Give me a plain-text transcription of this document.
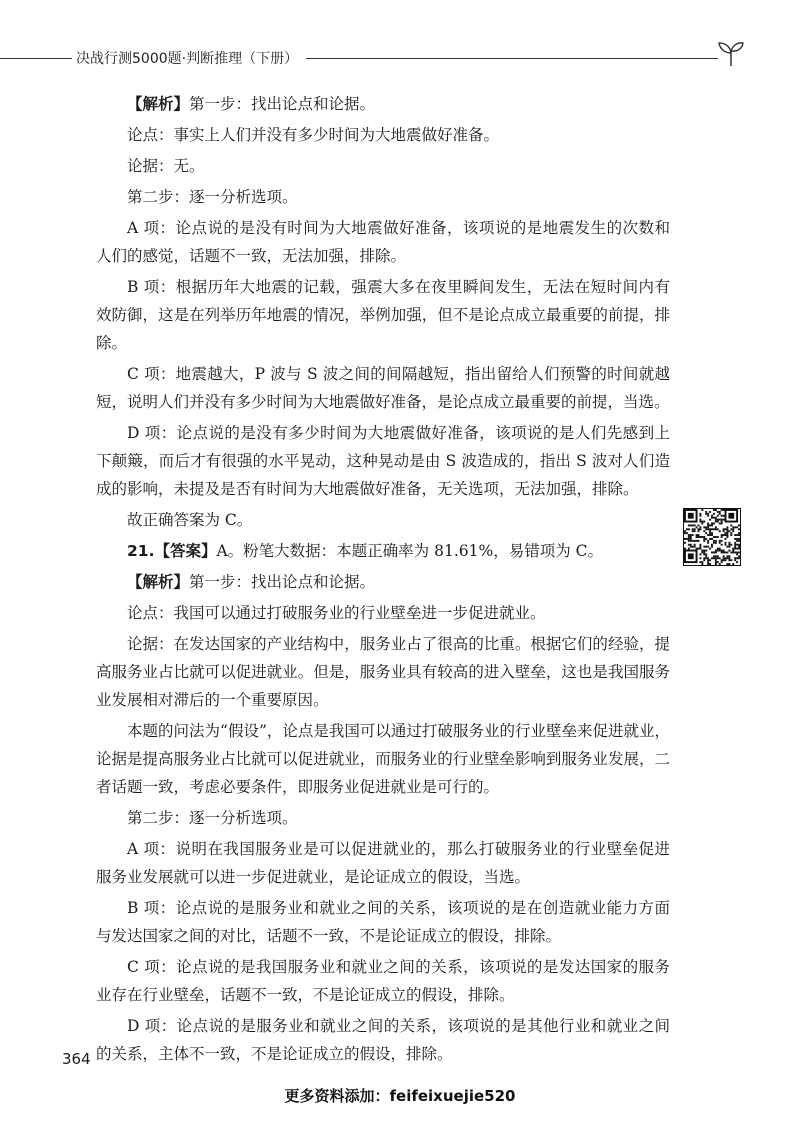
决战行测5000题·判断推理（下册）

【解析】第一步：找出论点和论据。

论点：事实上人们并没有多少时间为大地震做好准备。

论据：无。

第二步：逐一分析选项。

A 项：论点说的是没有时间为大地震做好准备，该项说的是地震发生的次数和人们的感觉，话题不一致，无法加强，排除。

B 项：根据历年大地震的记载，强震大多在夜里瞬间发生，无法在短时间内有效防御，这是在列举历年地震的情况，举例加强，但不是论点成立最重要的前提，排除。

C 项：地震越大，P 波与 S 波之间的间隔越短，指出留给人们预警的时间就越短，说明人们并没有多少时间为大地震做好准备，是论点成立最重要的前提，当选。

D 项：论点说的是没有多少时间为大地震做好准备，该项说的是人们先感到上下颠簸，而后才有很强的水平晃动，这种晃动是由 S 波造成的，指出 S 波对人们造成的影响，未提及是否有时间为大地震做好准备，无关选项，无法加强，排除。

故正确答案为 C。

21.【答案】A。粉笔大数据：本题正确率为 81.61%，易错项为 C。

【解析】第一步：找出论点和论据。

论点：我国可以通过打破服务业的行业壁垒进一步促进就业。

论据：在发达国家的产业结构中，服务业占了很高的比重。根据它们的经验，提高服务业占比就可以促进就业。但是，服务业具有较高的进入壁垒，这也是我国服务业发展相对滞后的一个重要原因。

本题的问法为“假设”，论点是我国可以通过打破服务业的行业壁垒来促进就业，论据是提高服务业占比就可以促进就业，而服务业的行业壁垒影响到服务业发展，二者话题一致，考虑必要条件，即服务业促进就业是可行的。

第二步：逐一分析选项。

A 项：说明在我国服务业是可以促进就业的，那么打破服务业的行业壁垒促进服务业发展就可以进一步促进就业，是论证成立的假设，当选。

B 项：论点说的是服务业和就业之间的关系，该项说的是在创造就业能力方面与发达国家之间的对比，话题不一致，不是论证成立的假设，排除。

C 项：论点说的是我国服务业和就业之间的关系，该项说的是发达国家的服务业存在行业壁垒，话题不一致，不是论证成立的假设，排除。

D 项：论点说的是服务业和就业之间的关系，该项说的是其他行业和就业之间的关系，主体不一致，不是论证成立的假设，排除。

364
更多资料添加：feifeixuejie520
